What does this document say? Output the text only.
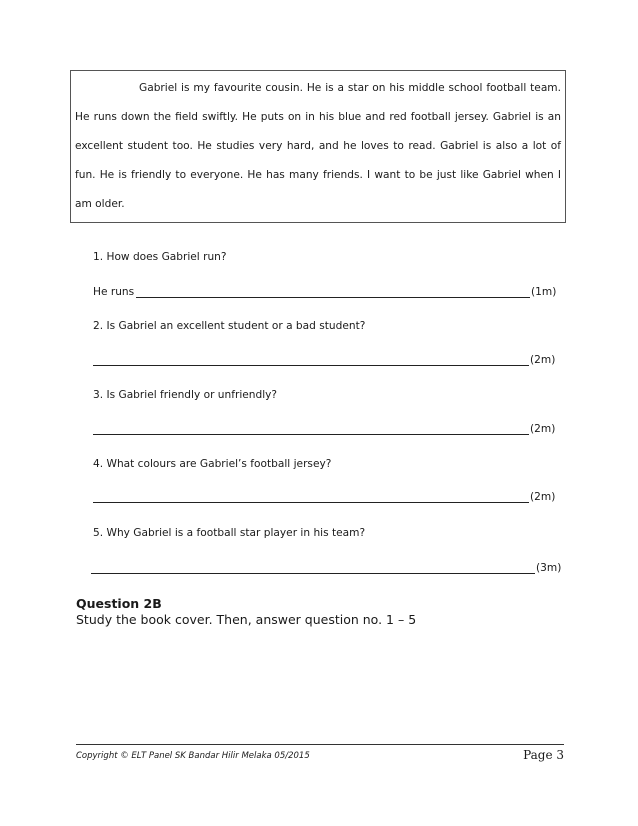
Gabriel is my favourite cousin. He is a star on his middle school football team.
He runs down the field swiftly. He puts on in his blue and red football jersey. Gabriel is an
excellent student too. He studies very hard, and he loves to read. Gabriel is also a lot of
fun. He is friendly to everyone. He has many friends. I want to be just like Gabriel when I
am older.
1. How does Gabriel run?
He runs	(1m)
2. Is Gabriel an excellent student or a bad student?
(2m)
3. Is Gabriel friendly or unfriendly?
(2m)
4. What colours are Gabriel’s football jersey?
(2m)
5. Why Gabriel is a football star player in his team?
(3m)
Question 2B
Study the book cover. Then, answer question no. 1 – 5
Copyright © ELT Panel SK Bandar Hilir Melaka 05/2015	Page 3
